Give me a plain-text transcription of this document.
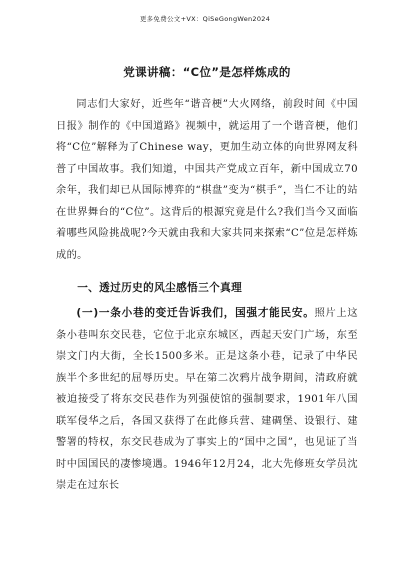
更多免费公文+VX：QiSeGongWen2024
党课讲稿：“C位”是怎样炼成的

同志们大家好，近些年“谐音梗”大火网络，前段时间《中国日报》制作的《中国道路》视频中，就运用了一个谐音梗，他们将“C位”解释为了Chinese way，更加生动立体的向世界网友科普了中国故事。我们知道，中国共产党成立百年，新中国成立70余年，我们却已从国际博弈的“棋盘”变为“棋手”，当仁不让的站在世界舞台的“C位”。这背后的根源究竟是什么?我们当今又面临着哪些风险挑战呢?今天就由我和大家共同来探索“C”位是怎样炼成的。

一、透过历史的风尘感悟三个真理

(一)一条小巷的变迁告诉我们，国强才能民安。照片上这条小巷叫东交民巷，它位于北京东城区，西起天安门广场，东至崇文门内大街，全长1500多米。正是这条小巷，记录了中华民族半个多世纪的屈辱历史。早在第二次鸦片战争期间，清政府就被迫接受了将东交民巷作为列强使馆的强制要求，1901年八国联军侵华之后，各国又获得了在此修兵营、建碉堡、设银行、建警署的特权，东交民巷成为了事实上的“国中之国”，也见证了当时中国国民的凄惨境遇。1946年12月24，北大先修班女学员沈崇走在过东长
